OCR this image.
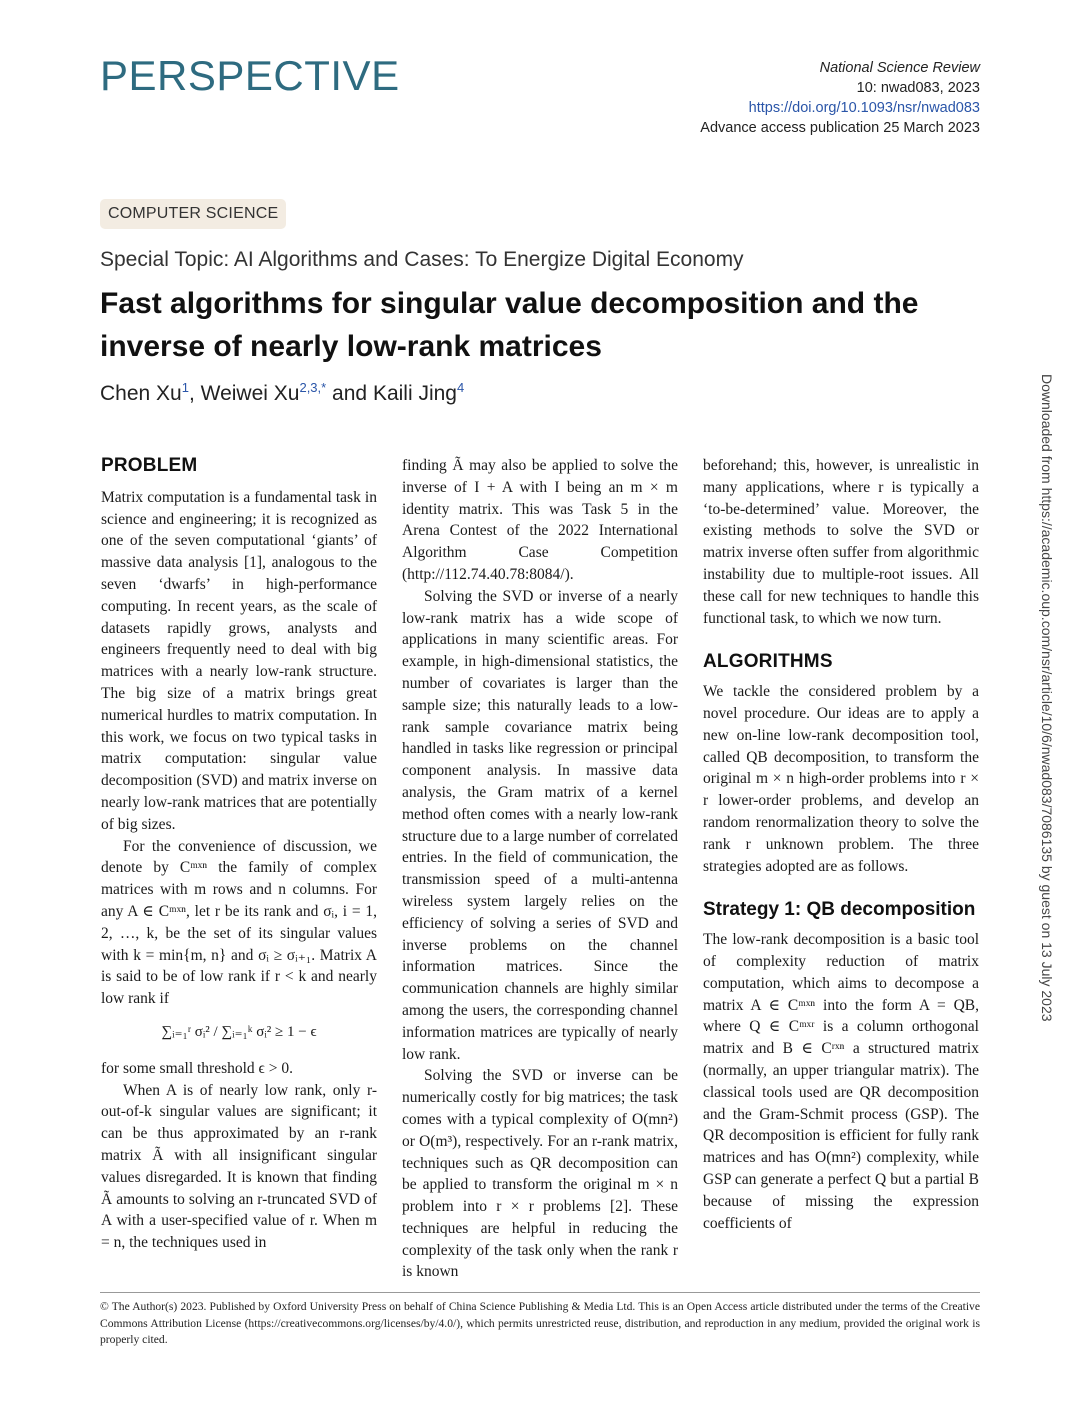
PERSPECTIVE	National Science Review
10: nwad083, 2023
https://doi.org/10.1093/nsr/nwad083
Advance access publication 25 March 2023
COMPUTER SCIENCE
Special Topic: AI Algorithms and Cases: To Energize Digital Economy
Fast algorithms for singular value decomposition and the inverse of nearly low-rank matrices
Chen Xu$^1$, Weiwei $Xu^{2,3,*}$ and Kaili Jing$^4$
PROBLEM

Matrix computation is a fundamental task in science and engineering; it is recognized as one of the seven computational ‘giants’ of massive data analysis [1], analogous to the seven ‘dwarfs’ in high-performance computing. In recent years, as the scale of datasets rapidly grows, analysts and engineers frequently need to deal with big matrices with a nearly low-rank structure. The big size of a matrix brings great numerical hurdles to matrix computation. In this work, we focus on two typical tasks in matrix computation: singular value decomposition (SVD) and matrix inverse on nearly low-rank matrices that are potentially of big sizes.

For the convenience of discussion, we denote by Cᵐˣⁿ the family of complex matrices with m rows and n columns. For any A ∈ Cᵐˣⁿ, let r be its rank and σᵢ, i = 1, 2, …, k, be the set of its singular values with k = min{m, n} and σᵢ ≥ σᵢ₊₁. Matrix A is said to be of low rank if r < k and nearly low rank if

∑ᵢ₌₁ʳ σᵢ² / ∑ᵢ₌₁ᵏ σᵢ² ≥ 1 − ϵ

for some small threshold ϵ > 0.

When A is of nearly low rank, only r-out-of-k singular values are significant; it can be thus approximated by an r-rank matrix Ã with all insignificant singular values disregarded. It is known that finding Ã amounts to solving an r-truncated SVD of A with a user-specified value of r. When m = n, the techniques used in

finding Ã may also be applied to solve the inverse of I + A with I being an m × m identity matrix. This was Task 5 in the Arena Contest of the 2022 International Algorithm Case Competition (http://112.74.40.78:8084/).

Solving the SVD or inverse of a nearly low-rank matrix has a wide scope of applications in many scientific areas. For example, in high-dimensional statistics, the number of covariates is larger than the sample size; this naturally leads to a low-rank sample covariance matrix being handled in tasks like regression or principal component analysis. In massive data analysis, the Gram matrix of a kernel method often comes with a nearly low-rank structure due to a large number of correlated entries. In the field of communication, the transmission speed of a multi-antenna wireless system largely relies on the efficiency of solving a series of SVD and inverse problems on the channel information matrices. Since the communication channels are highly similar among the users, the corresponding channel information matrices are typically of nearly low rank.

Solving the SVD or inverse can be numerically costly for big matrices; the task comes with a typical complexity of O(mn²) or O(m³), respectively. For an r-rank matrix, techniques such as QR decomposition can be applied to transform the original m × n problem into r × r problems [2]. These techniques are helpful in reducing the complexity of the task only when the rank r is known

beforehand; this, however, is unrealistic in many applications, where r is typically a ‘to-be-determined’ value. Moreover, the existing methods to solve the SVD or matrix inverse often suffer from algorithmic instability due to multiple-root issues. All these call for new techniques to handle this functional task, to which we now turn.

ALGORITHMS

We tackle the considered problem by a novel procedure. Our ideas are to apply a new on-line low-rank decomposition tool, called QB decomposition, to transform the original m × n high-order problems into r × r lower-order problems, and develop an random renormalization theory to solve the rank r unknown problem. The three strategies adopted are as follows.

Strategy 1: QB decomposition

The low-rank decomposition is a basic tool of complexity reduction of matrix computation, which aims to decompose a matrix A ∈ Cᵐˣⁿ into the form A = QB, where Q ∈ Cᵐˣʳ is a column orthogonal matrix and B ∈ Cʳˣⁿ a structured matrix (normally, an upper triangular matrix). The classical tools used are QR decomposition and the Gram-Schmit process (GSP). The QR decomposition is efficient for fully rank matrices and has O(mn²) complexity, while GSP can generate a perfect Q but a partial B because of missing the expression coefficients of

Downloaded from https://academic.oup.com/nsr/article/10/6/nwad083/7086135 by guest on 13 July 2023
© The Author(s) 2023. Published by Oxford University Press on behalf of China Science Publishing & Media Ltd. This is an Open Access article distributed under the terms of the Creative Commons Attribution License (https://creativecommons.org/licenses/by/4.0/), which permits unrestricted reuse, distribution, and reproduction in any medium, provided the original work is properly cited.
